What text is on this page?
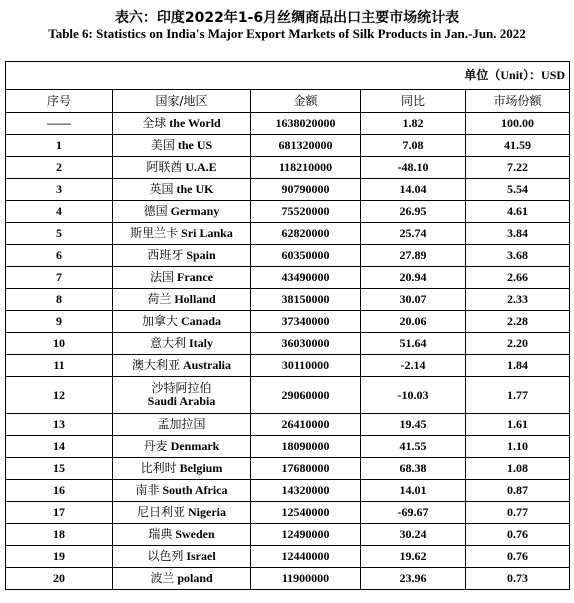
表六：印度2022年1-6月丝绸商品出口主要市场统计表
Table 6: Statistics on India's Major Export Markets of Silk Products in Jan.-Jun. 2022
单位（Unit）：USD				
序号	国家/地区	金额	同比	市场份额
——	全球 the World	1638020000	1.82	100.00
1	美国 the US	681320000	7.08	41.59
2	阿联酋 U.A.E	118210000	-48.10	7.22
3	英国 the UK	90790000	14.04	5.54
4	德国 Germany	75520000	26.95	4.61
5	斯里兰卡 Sri Lanka	62820000	25.74	3.84
6	西班牙 Spain	60350000	27.89	3.68
7	法国 France	43490000	20.94	2.66
8	荷兰 Holland	38150000	30.07	2.33
9	加拿大 Canada	37340000	20.06	2.28
10	意大利 Italy	36030000	51.64	2.20
11	澳大利亚 Australia	30110000	-2.14	1.84
12	沙特阿拉伯
Saudi Arabia	29060000	-10.03	1.77
13	孟加拉国	26410000	19.45	1.61
14	丹麦 Denmark	18090000	41.55	1.10
15	比利时 Belgium	17680000	68.38	1.08
16	南非 South Africa	14320000	14.01	0.87
17	尼日利亚 Nigeria	12540000	-69.67	0.77
18	瑞典 Sweden	12490000	30.24	0.76
19	以色列 Israel	12440000	19.62	0.76
20	波兰 poland	11900000	23.96	0.73
